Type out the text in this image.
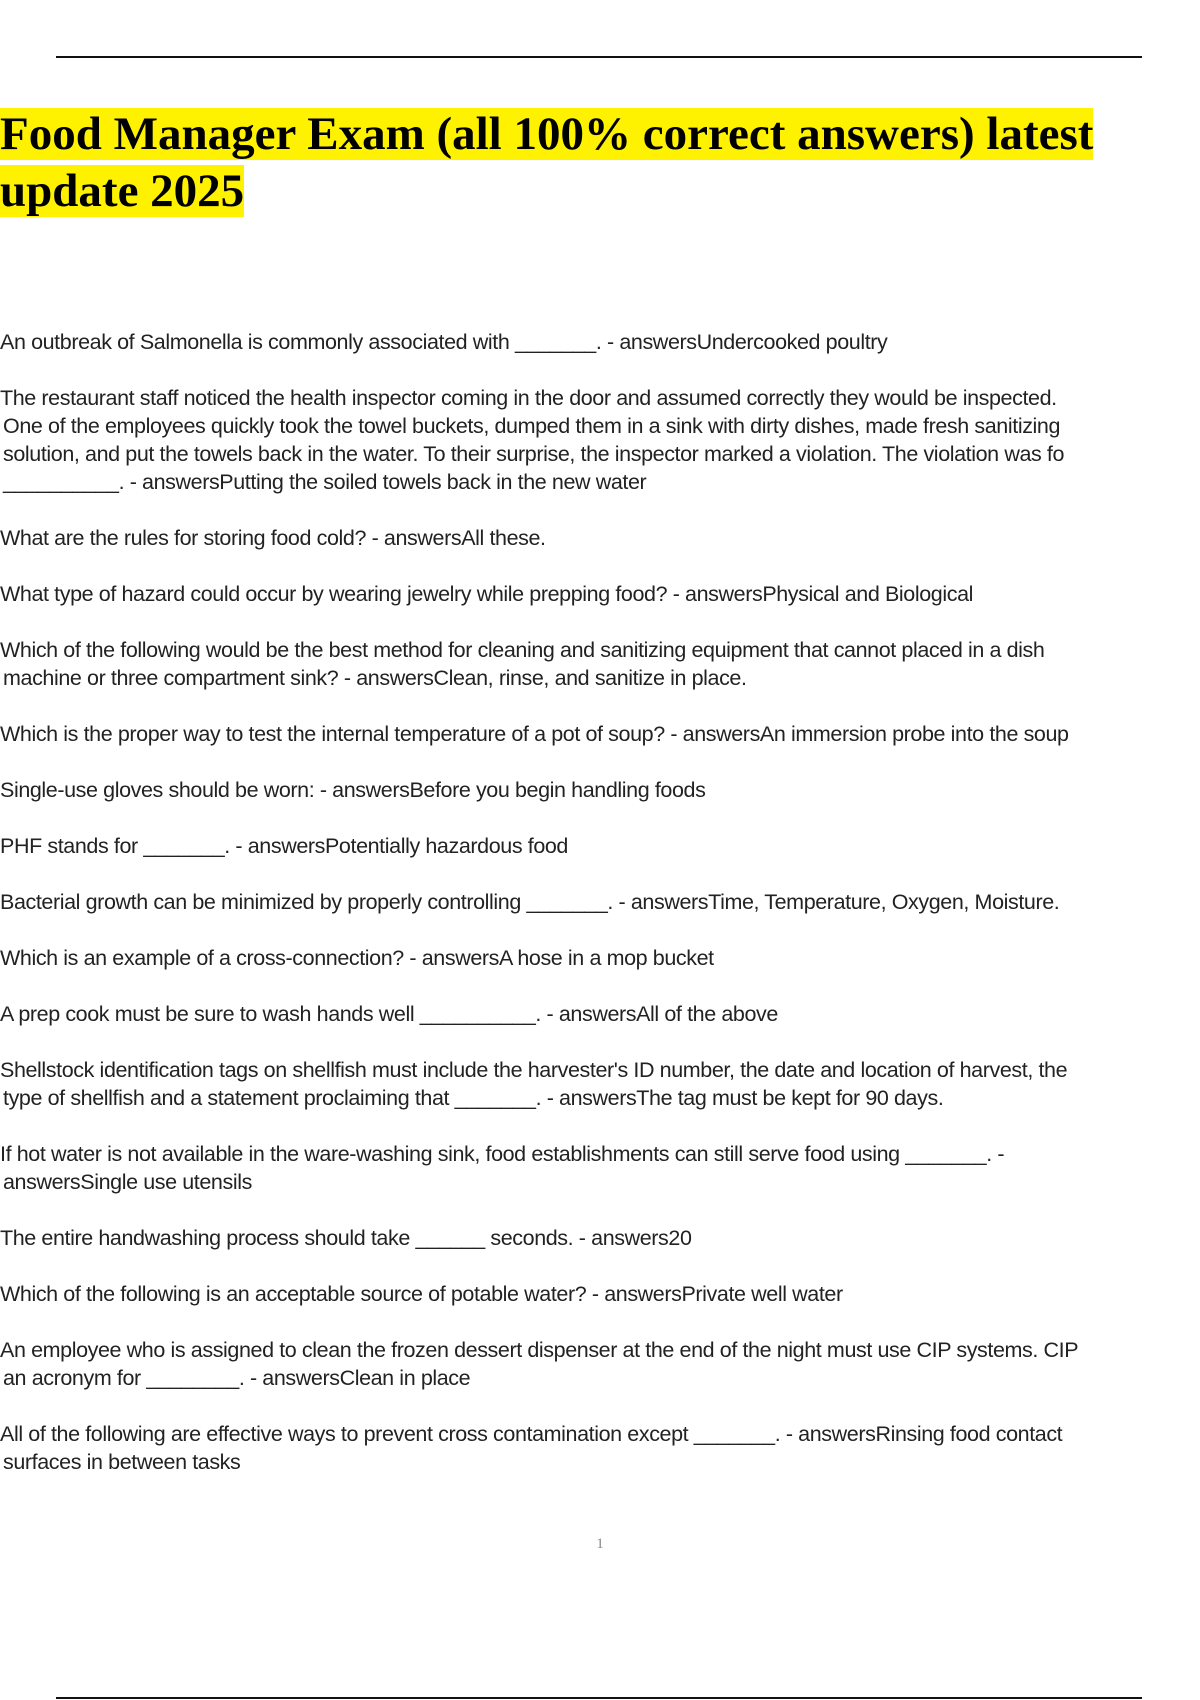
Food Manager Exam (all 100% correct answers) latest update 2025
An outbreak of Salmonella is commonly associated with _______. - answersUndercooked poultry
The restaurant staff noticed the health inspector coming in the door and assumed correctly they would be inspected.
One of the employees quickly took the towel buckets, dumped them in a sink with dirty dishes, made fresh sanitizing
solution, and put the towels back in the water. To their surprise, the inspector marked a violation. The violation was fo
__________. - answersPutting the soiled towels back in the new water
What are the rules for storing food cold? - answersAll these.
What type of hazard could occur by wearing jewelry while prepping food? - answersPhysical and Biological
Which of the following would be the best method for cleaning and sanitizing equipment that cannot placed in a dish
machine or three compartment sink? - answersClean, rinse, and sanitize in place.
Which is the proper way to test the internal temperature of a pot of soup? - answersAn immersion probe into the soup
Single-use gloves should be worn: - answersBefore you begin handling foods
PHF stands for _______. - answersPotentially hazardous food
Bacterial growth can be minimized by properly controlling _______. - answersTime, Temperature, Oxygen, Moisture.
Which is an example of a cross-connection? - answersA hose in a mop bucket
A prep cook must be sure to wash hands well __________. - answersAll of the above
Shellstock identification tags on shellfish must include the harvester's ID number, the date and location of harvest, the
type of shellfish and a statement proclaiming that _______. - answersThe tag must be kept for 90 days.
If hot water is not available in the ware-washing sink, food establishments can still serve food using _______. -
answersSingle use utensils
The entire handwashing process should take ______ seconds. - answers20
Which of the following is an acceptable source of potable water? - answersPrivate well water
An employee who is assigned to clean the frozen dessert dispenser at the end of the night must use CIP systems. CIP
an acronym for ________. - answersClean in place
All of the following are effective ways to prevent cross contamination except _______. - answersRinsing food contact
surfaces in between tasks
1
